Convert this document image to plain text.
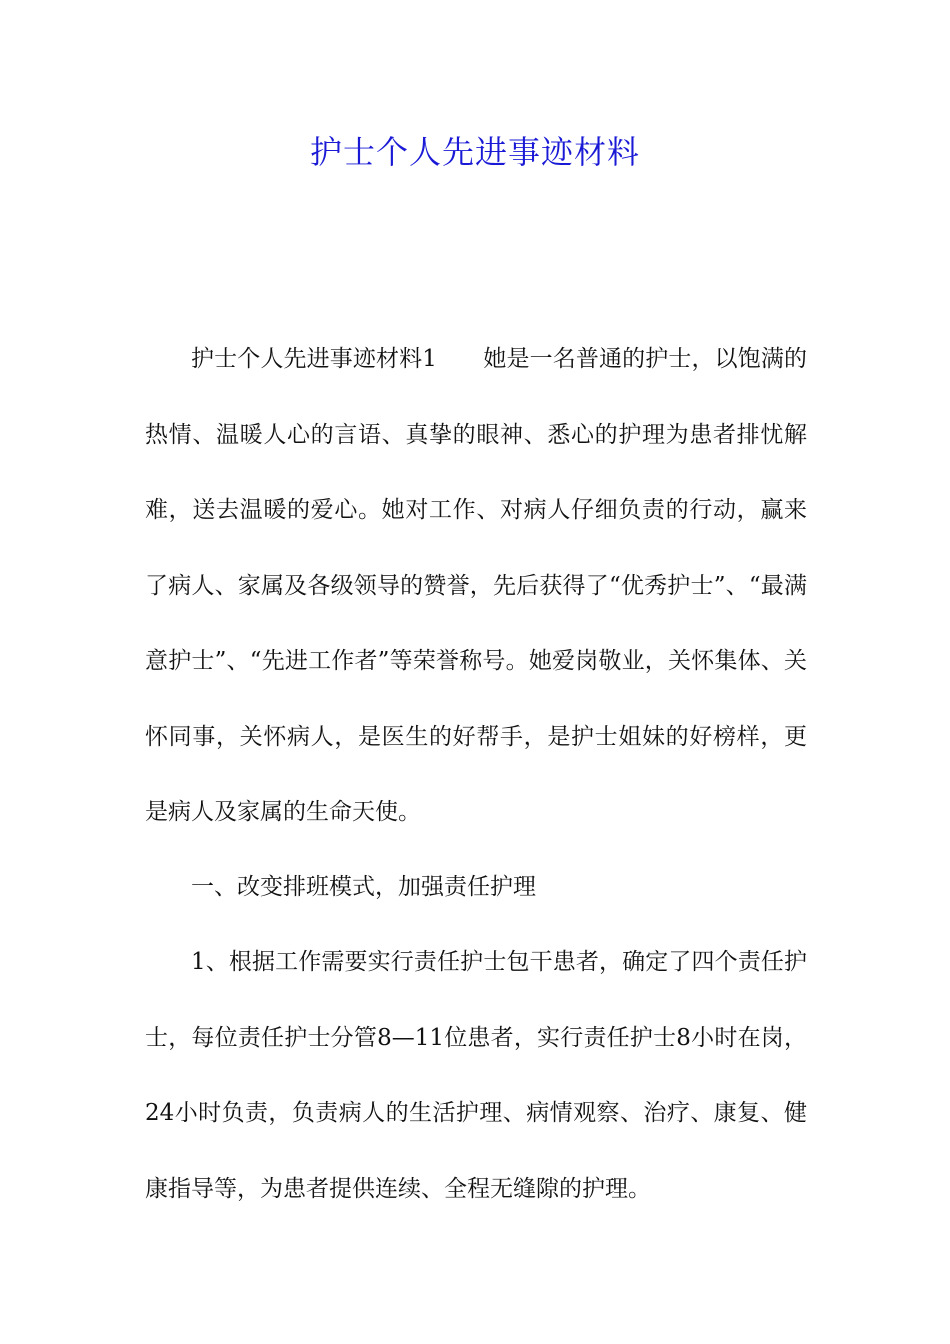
护士个人先进事迹材料

护士个人先进事迹材料1　　她是一名普通的护士，以饱满的热情、温暖人心的言语、真挚的眼神、悉心的护理为患者排忧解难，送去温暖的爱心。她对工作、对病人仔细负责的行动，赢来了病人、家属及各级领导的赞誉，先后获得了“优秀护士”、“最满意护士”、“先进工作者”等荣誉称号。她爱岗敬业，关怀集体、关怀同事，关怀病人，是医生的好帮手，是护士姐妹的好榜样，更是病人及家属的生命天使。

一、改变排班模式，加强责任护理

1、根据工作需要实行责任护士包干患者，确定了四个责任护士，每位责任护士分管8—11位患者，实行责任护士8小时在岗，24小时负责，负责病人的生活护理、病情观察、治疗、康复、健康指导等，为患者提供连续、全程无缝隙的护理。
